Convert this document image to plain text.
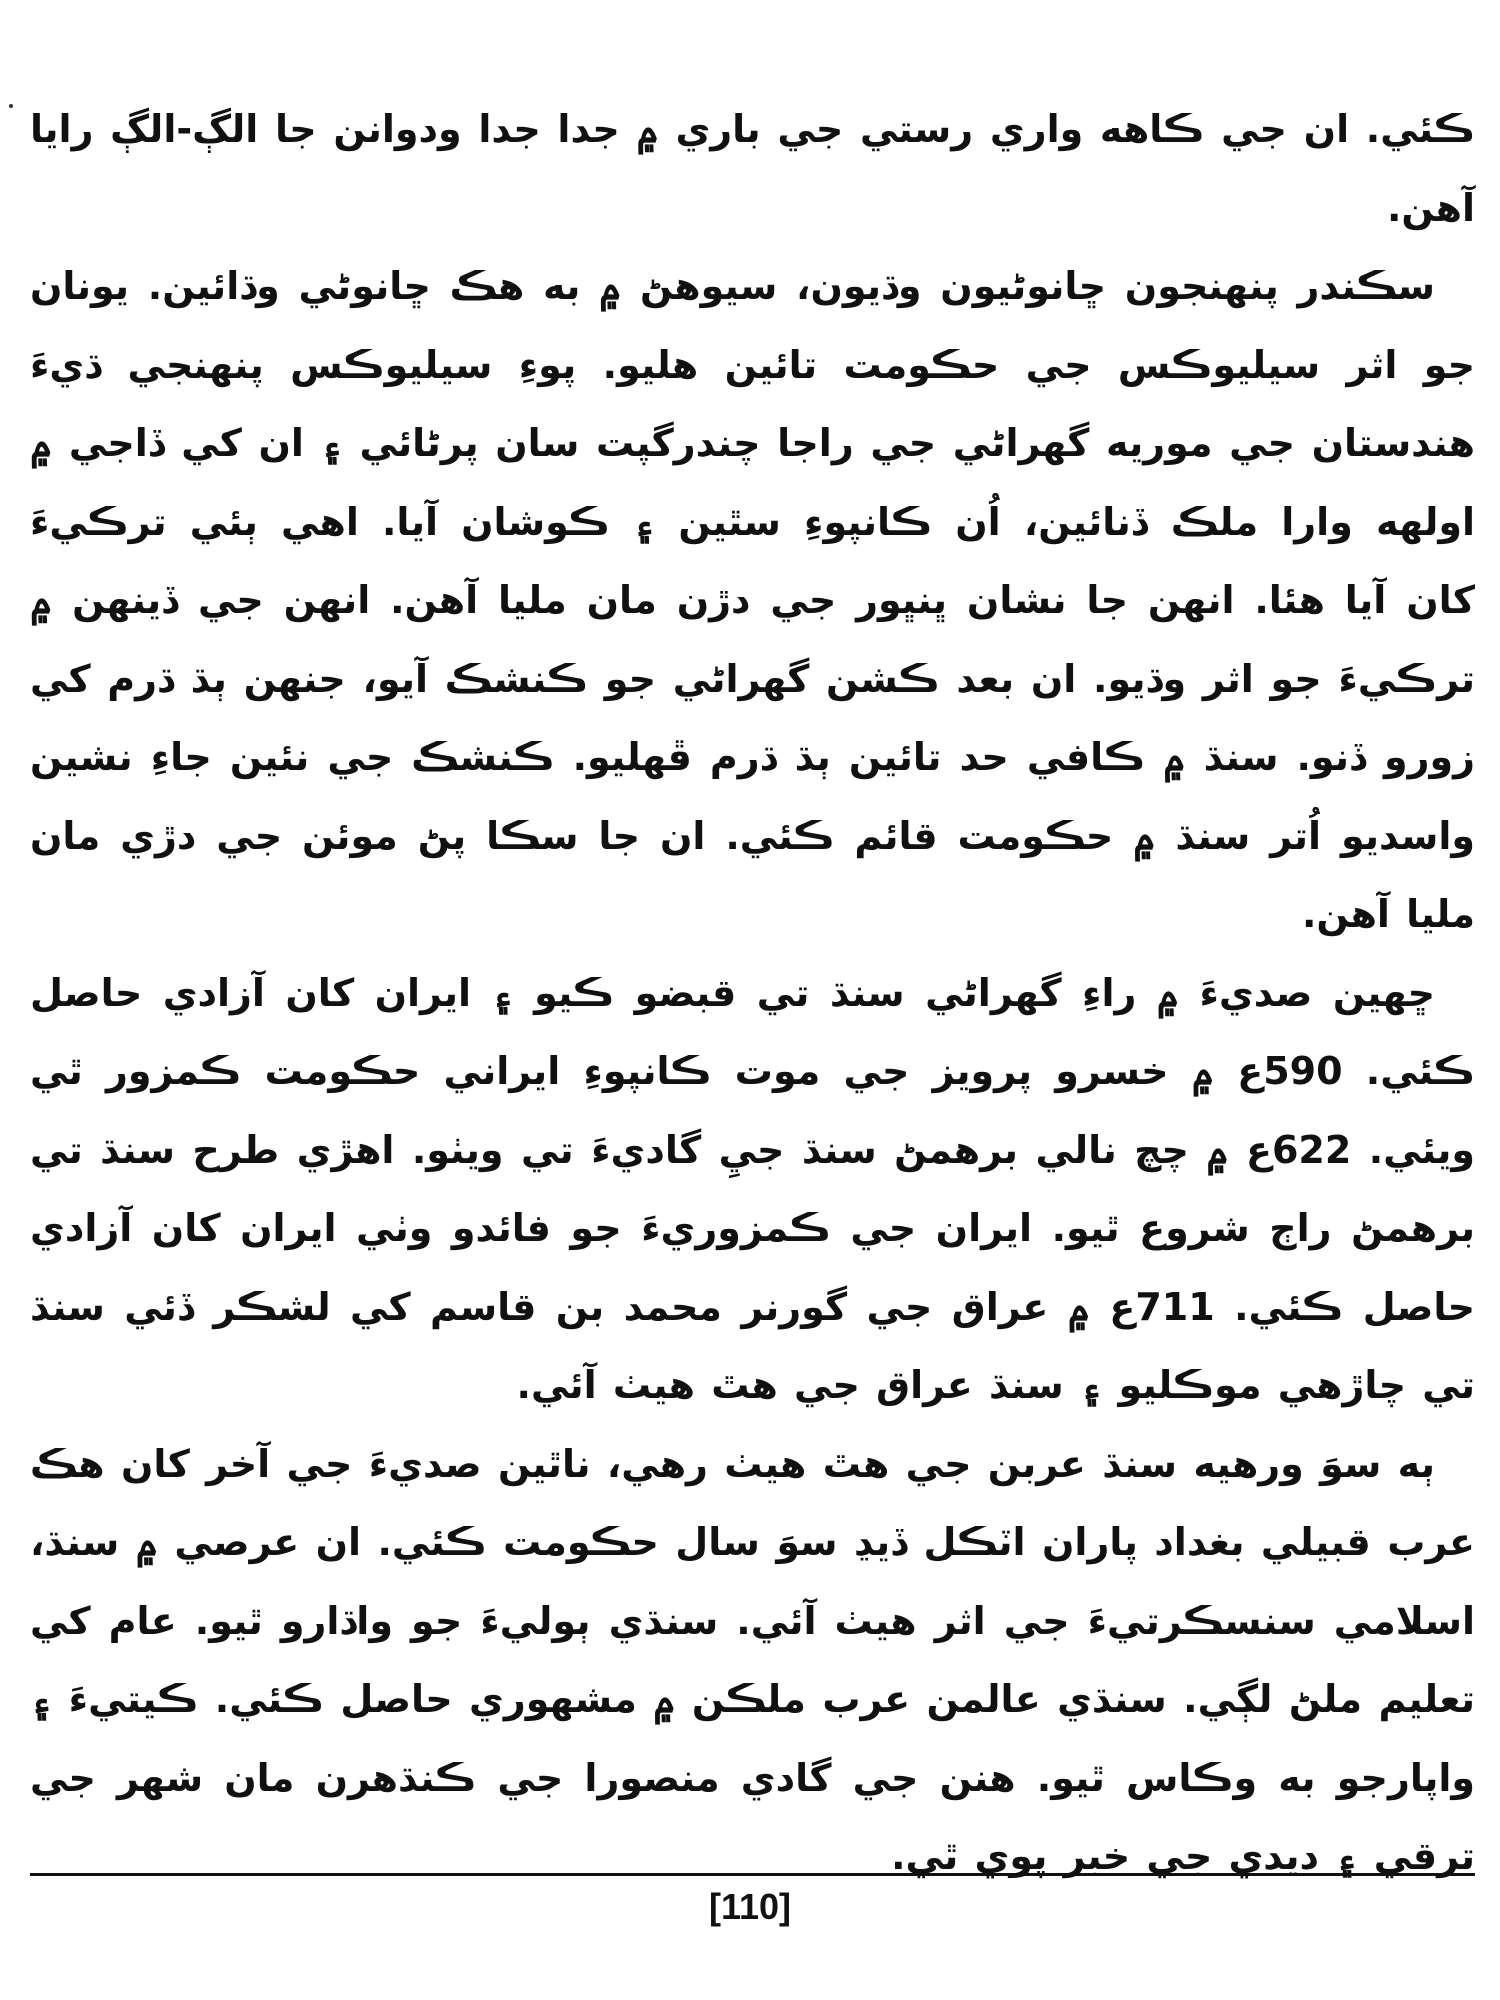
ڪئي. ان جي ڪاهه واري رستي جي باري ۾ جدا جدا ودوانن جا الڳ-الڳ رايا آهن.

سڪندر پنهنجون ڇانوڻيون وڌيون، سيوهڻ ۾ به هڪ ڇانوڻي وڌائين. يونان جو اثر سيليوڪس جي حڪومت تائين هليو. پوءِ سيليوڪس پنهنجي ڌيءَ هندستان جي موريه گهراڻي جي راجا چندرگپت سان پرڻائي ۽ ان کي ڏاجي ۾ اولهه وارا ملڪ ڏنائين، اُن ڪانپوءِ سٿين ۽ ڪوشان آيا. اهي ٻئي ترڪيءَ کان آيا هئا. انهن جا نشان ڀنڀور جي دڙن مان مليا آهن. انهن جي ڏينهن ۾ ترڪيءَ جو اثر وڌيو. ان بعد ڪشن گهراڻي جو ڪنشڪ آيو، جنهن ٻڌ ڌرم کي زورو ڏنو. سنڌ ۾ ڪافي حد تائين ٻڌ ڌرم ڦهليو. ڪنشڪ جي نئين جاءِ نشين واسديو اُتر سنڌ ۾ حڪومت قائم ڪئي. ان جا سڪا پڻ موئن جي دڙي مان مليا آهن.

ڇهين صديءَ ۾ راءِ گهراڻي سنڌ تي قبضو ڪيو ۽ ايران کان آزادي حاصل ڪئي. 590ع ۾ خسرو پرويز جي موت ڪانپوءِ ايراني حڪومت ڪمزور ٿي ويئي. 622ع ۾ چچ نالي برهمڻ سنڌ جيِ گاديءَ تي ويٺو. اهڙي طرح سنڌ تي برهمڻ راڄ شروع ٿيو. ايران جي ڪمزوريءَ جو فائدو وٺي ايران کان آزادي حاصل ڪئي. 711ع ۾ عراق جي گورنر محمد بن قاسم کي لشڪر ڏئي سنڌ تي چاڙهي موڪليو ۽ سنڌ عراق جي هٿ هيٺ آئي.

ٻه سوَ ورهيه سنڌ عربن جي هٿ هيٺ رهي، ناٿين صديءَ جي آخر کان هڪ عرب قبيلي بغداد پاران اٽڪل ڏيڍ سوَ سال حڪومت ڪئي. ان عرصي ۾ سنڌ، اسلامي سنسڪرتيءَ جي اثر هيٺ آئي. سنڌي ٻوليءَ جو واڌارو ٿيو. عام کي تعليم ملڻ لڳي. سنڌي عالمن عرب ملڪن ۾ مشهوري حاصل ڪئي. ڪيتيءَ ۽ واپارجو به وڪاس ٿيو. هنن جي گادي منصورا جي ڪنڌهرن مان شهر جي ترقي ۽ ديدي جي خبر پوي ٿي.

[110]
